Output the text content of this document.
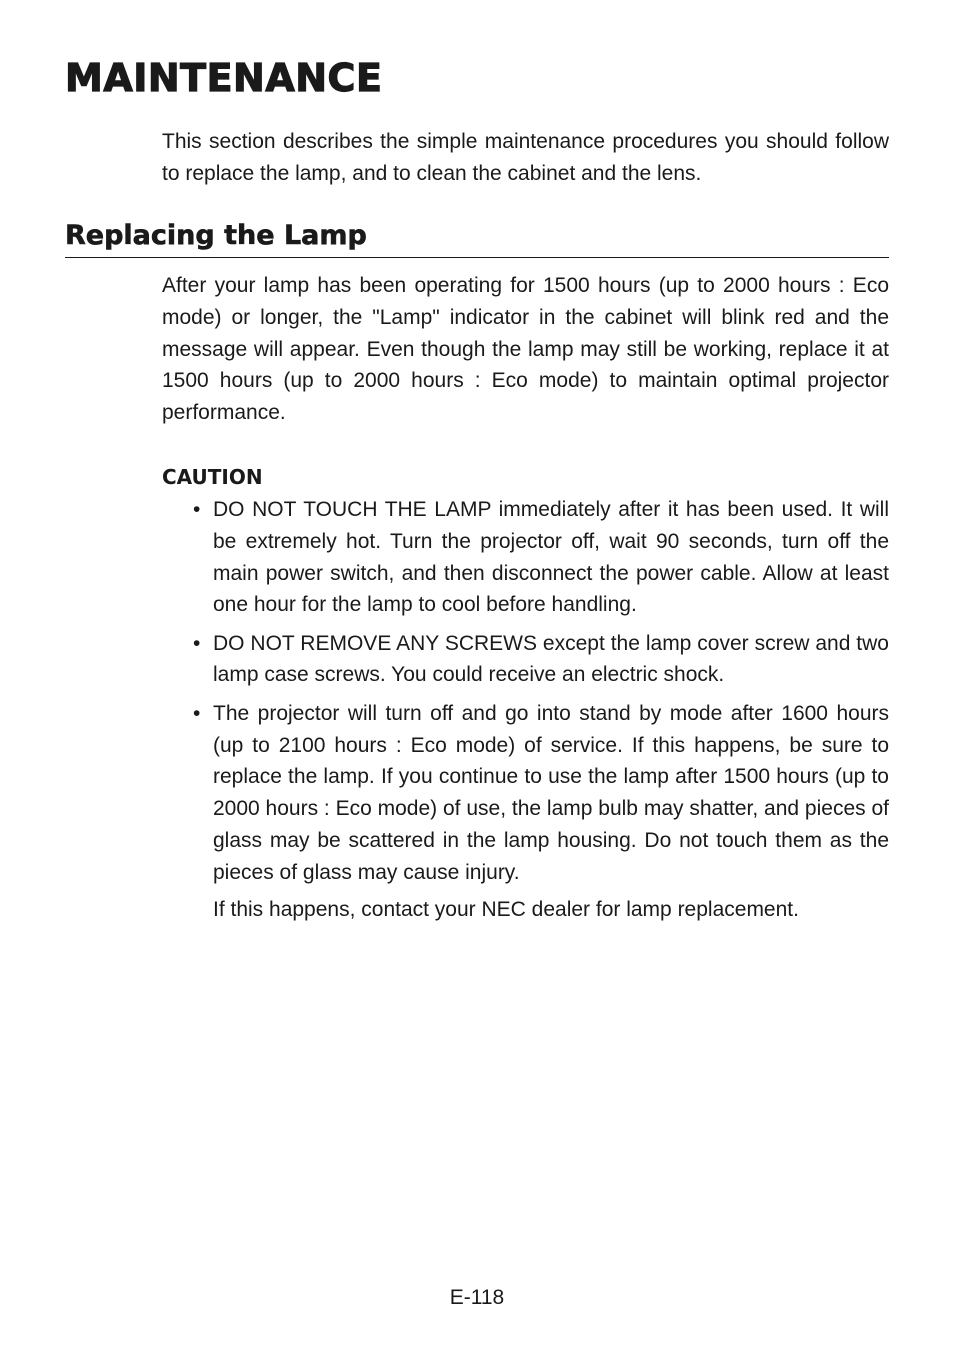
MAINTENANCE

This section describes the simple maintenance procedures you should follow to replace the lamp, and to clean the cabinet and the lens.

Replacing the Lamp

After your lamp has been operating for 1500 hours (up to 2000 hours : Eco mode) or longer, the "Lamp" indicator in the cabinet will blink red and the message will appear. Even though the lamp may still be working, replace it at 1500 hours (up to 2000 hours : Eco mode) to maintain optimal projector performance.

CAUTION
• DO NOT TOUCH THE LAMP immediately after it has been used. It will be extremely hot. Turn the projector off, wait 90 seconds, turn off the main power switch, and then disconnect the power cable. Allow at least one hour for the lamp to cool before handling.
• DO NOT REMOVE ANY SCREWS except the lamp cover screw and two lamp case screws. You could receive an electric shock.
• The projector will turn off and go into stand by mode after 1600 hours (up to 2100 hours : Eco mode) of service. If this happens, be sure to replace the lamp. If you continue to use the lamp after 1500 hours (up to 2000 hours : Eco mode) of use, the lamp bulb may shatter, and pieces of glass may be scattered in the lamp housing. Do not touch them as the pieces of glass may cause injury.

If this happens, contact your NEC dealer for lamp replacement.

E-118
